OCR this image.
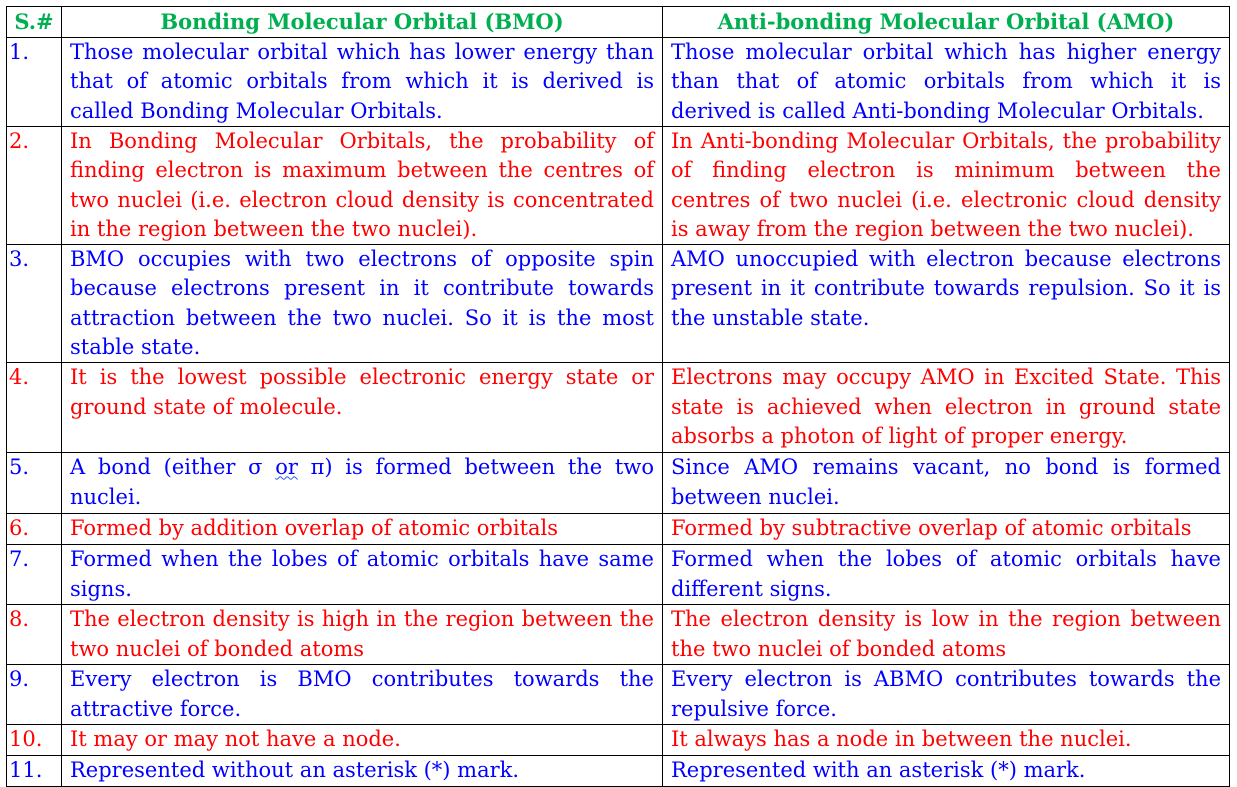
S.#	Bonding Molecular Orbital (BMO)	Anti-bonding Molecular Orbital (AMO)
1.	Those molecular orbital which has lower energy than that of atomic orbitals from which it is derived is called Bonding Molecular Orbitals.	Those molecular orbital which has higher energy than that of atomic orbitals from which it is derived is called Anti-bonding Molecular Orbitals.
2.	In Bonding Molecular Orbitals, the probability of finding electron is maximum between the centres of two nuclei (i.e. electron cloud density is concentrated in the region between the two nuclei).	In Anti-bonding Molecular Orbitals, the probability of finding electron is minimum between the centres of two nuclei (i.e. electronic cloud density is away from the region between the two nuclei).
3.	BMO occupies with two electrons of opposite spin because electrons present in it contribute towards attraction between the two nuclei. So it is the most stable state.	AMO unoccupied with electron because electrons present in it contribute towards repulsion. So it is the unstable state.
4.	It is the lowest possible electronic energy state or ground state of molecule.	Electrons may occupy AMO in Excited State. This state is achieved when electron in ground state absorbs a photon of light of proper energy.
5.	A bond (either σ or π) is formed between the two nuclei.	Since AMO remains vacant, no bond is formed between nuclei.
6.	Formed by addition overlap of atomic orbitals	Formed by subtractive overlap of atomic orbitals
7.	Formed when the lobes of atomic orbitals have same signs.	Formed when the lobes of atomic orbitals have different signs.
8.	The electron density is high in the region between the two nuclei of bonded atoms	The electron density is low in the region between the two nuclei of bonded atoms
9.	Every electron is BMO contributes towards the attractive force.	Every electron is ABMO contributes towards the repulsive force.
10.	It may or may not have a node.	It always has a node in between the nuclei.
11.	Represented without an asterisk (*) mark.	Represented with an asterisk (*) mark.
